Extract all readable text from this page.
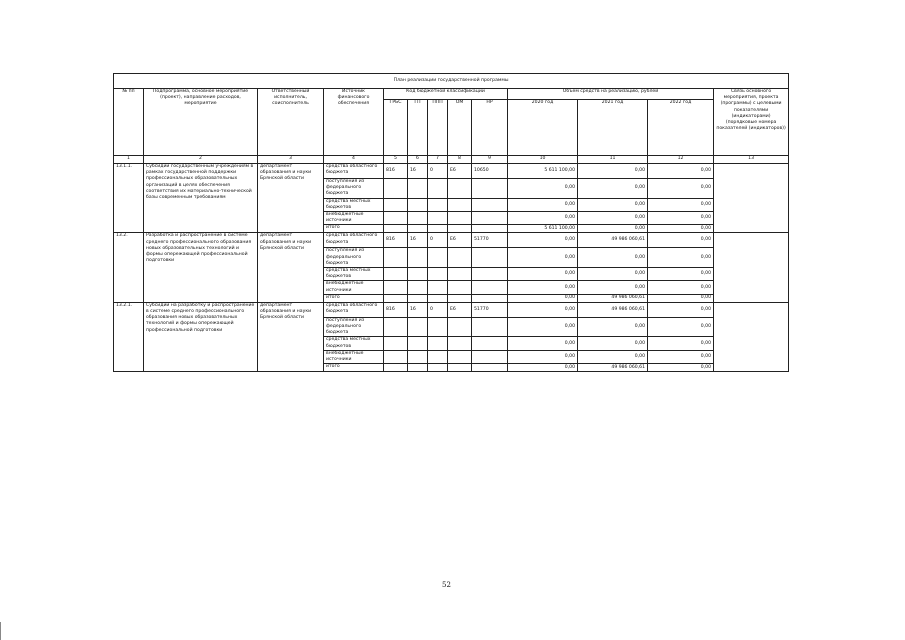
План реализации государственной программы												
№ пп	Подпрограмма, основное мероприятие (проект), направление расходов, мероприятие	Ответственный исполнитель, соисполнитель	Источник финансового обеспечения	Код бюджетной классификации					Объём средств на реализацию, рублей			Связь основного мероприятия, проекта (программы) с целевыми показателями (индикаторами) (порядковые номера показателей (индикаторов))
				ГРБС	ГП	ППП	ОМ	НР	2020 год	2021 год	2022 год	
1	2	3	4	5	6	7	8	9	10	11	12	13
13.1.1.	Субсидии государственным учреждениям в рамках государственной поддержки профессиональных образовательных организаций в целях обеспечения соответствия их материально-технической базы современным требованиям	департамент образования и науки Брянской области	средства областного бюджета	816	16	0	Е6	10650	5 611 100,00	0,00	0,00	
			поступления из федерального бюджета						0,00	0,00	0,00	
			средства местных бюджетов						0,00	0,00	0,00	
			внебюджетные источники						0,00	0,00	0,00	
			итого						5 611 100,00	0,00	0,00	
13.2.	Разработка и распространение в системе среднего профессионального образования новых образовательных технологий и формы опережающей профессиональной подготовки	департамент образования и науки Брянской области	средства областного бюджета	816	16	0	Е6	51770	0,00	49 986 060,61	0,00	
			поступления из федерального бюджета						0,00	0,00	0,00	
			средства местных бюджетов						0,00	0,00	0,00	
			внебюджетные источники						0,00	0,00	0,00	
			итого						0,00	49 986 060,61	0,00	
13.2.1.	Субсидии на разработку и распространение в системе среднего профессионального образования новых образовательных технологий и формы опережающей профессиональной подготовки	департамент образования и науки Брянской области	средства областного бюджета	816	16	0	Е6	51770	0,00	49 986 060,61	0,00	
			поступления из федерального бюджета						0,00	0,00	0,00	
			средства местных бюджетов						0,00	0,00	0,00	
			внебюджетные источники						0,00	0,00	0,00	
			итого						0,00	49 986 060,61	0,00	
52
